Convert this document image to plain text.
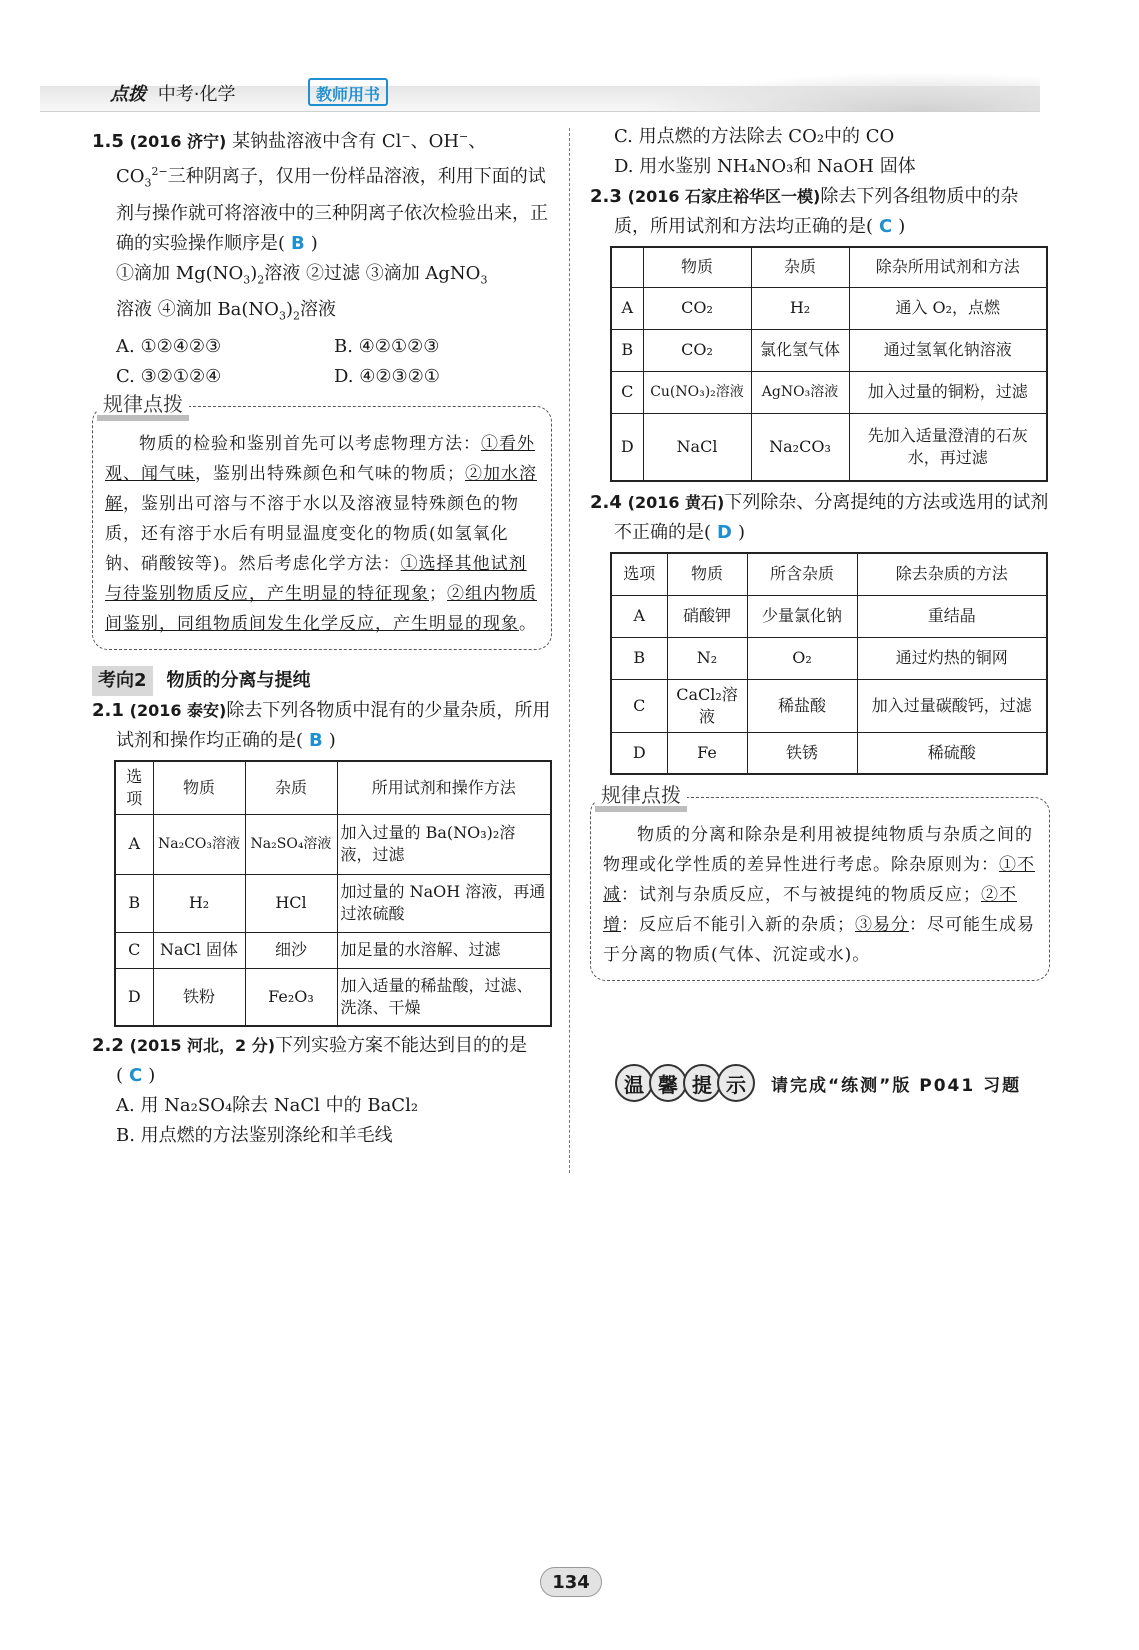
点拨 中考·化学	教师用书
1.5 (2016 济宁) 某钠盐溶液中含有 Cl−、OH−、$CO_3^{2-}$三种阴离子，仅用一份样品溶液，利用下面的试剂与操作就可将溶液中的三种阴离子依次检验出来，正确的实验操作顺序是( B )
①滴加 $Mg(NO_3)_2$溶液 ②过滤 ③滴加 AgNO$_3$
溶液 ④滴加 $Ba(NO_3)_2$溶液
A. ①②④②③	B. ④②①②③
C. ③②①②④	D. ④②③②①
规律点拨
物质的检验和鉴别首先可以考虑物理方法：①看外观、闻气味，鉴别出特殊颜色和气味的物质；②加水溶解，鉴别出可溶与不溶于水以及溶液显特殊颜色的物质，还有溶于水后有明显温度变化的物质(如氢氧化钠、硝酸铵等)。然后考虑化学方法：①选择其他试剂与待鉴别物质反应，产生明显的特征现象；②组内物质间鉴别，同组物质间发生化学反应，产生明显的现象。
考向2	物质的分离与提纯
2.1 (2016 泰安)除去下列各物质中混有的少量杂质，所用试剂和操作均正确的是( B )
选项	物质	杂质	所用试剂和操作方法
A	Na₂CO₃溶液	Na₂SO₄溶液	加入过量的 Ba(NO₃)₂溶液，过滤
B	H₂	HCl	加过量的 NaOH 溶液，再通过浓硫酸
C	NaCl 固体	细沙	加足量的水溶解、过滤
D	铁粉	Fe₂O₃	加入适量的稀盐酸，过滤、洗涤、干燥
2.2 (2015 河北，2 分)下列实验方案不能达到目的的是( C )
A. 用 Na₂SO₄除去 NaCl 中的 BaCl₂
B. 用点燃的方法鉴别涤纶和羊毛线
C. 用点燃的方法除去 CO₂中的 CO
D. 用水鉴别 NH₄NO₃和 NaOH 固体
2.3 (2016 石家庄裕华区一模)除去下列各组物质中的杂质，所用试剂和方法均正确的是( C )
	物质	杂质	除杂所用试剂和方法
A	CO₂	H₂	通入 O₂，点燃
B	CO₂	氯化氢气体	通过氢氧化钠溶液
C	Cu(NO₃)₂溶液	AgNO₃溶液	加入过量的铜粉，过滤
D	NaCl	Na₂CO₃	先加入适量澄清的石灰水，再过滤
2.4 (2016 黄石)下列除杂、分离提纯的方法或选用的试剂不正确的是( D )
选项	物质	所含杂质	除去杂质的方法
A	硝酸钾	少量氯化钠	重结晶
B	N₂	O₂	通过灼热的铜网
C	CaCl₂溶液	稀盐酸	加入过量碳酸钙，过滤
D	Fe	铁锈	稀硫酸
规律点拨
物质的分离和除杂是利用被提纯物质与杂质之间的物理或化学性质的差异性进行考虑。除杂原则为：①不减：试剂与杂质反应，不与被提纯的物质反应；②不增：反应后不能引入新的杂质；③易分：尽可能生成易于分离的物质(气体、沉淀或水)。
温 馨 提 示	请完成“练测”版 P041 习题
134
